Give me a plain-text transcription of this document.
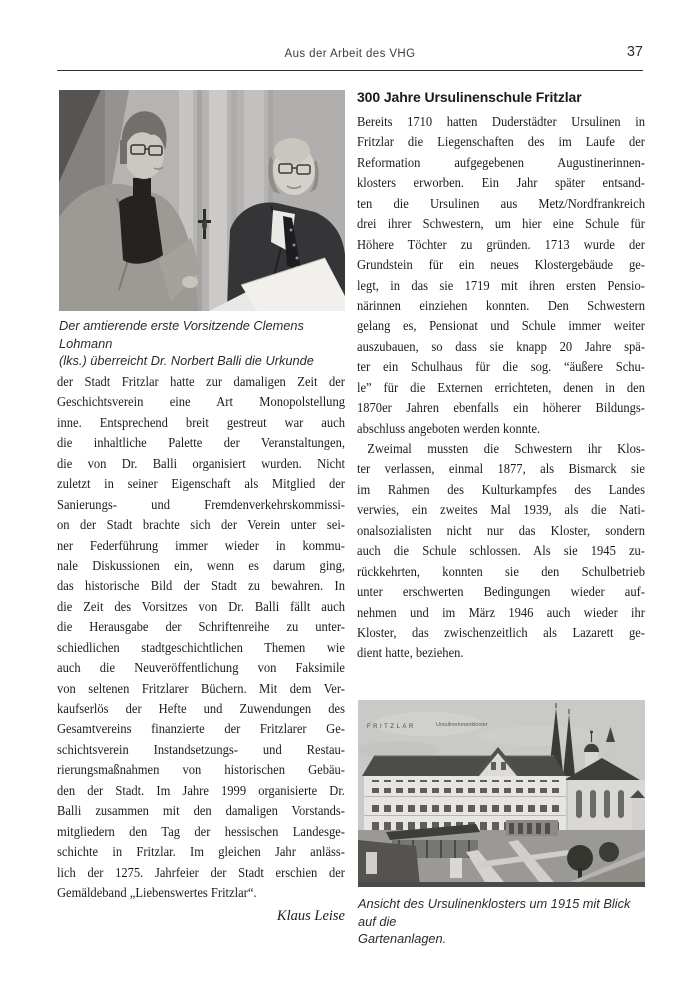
Aus der Arbeit des VHG	37
Der amtierende erste Vorsitzende Clemens Lohmann
(lks.) überreicht Dr. Norbert Balli die Urkunde
der Stadt Fritzlar hatte zur damaligen Zeit der
Geschichtsverein eine Art Monopolstellung
inne. Entsprechend breit gestreut war auch
die inhaltliche Palette der Veranstaltungen,
die von Dr. Balli organisiert wurden. Nicht
zuletzt in seiner Eigenschaft als Mitglied der
Sanierungs- und Fremdenverkehrskommissi-
on der Stadt brachte sich der Verein unter sei-
ner Federführung immer wieder in kommu-
nale Diskussionen ein, wenn es darum ging,
das historische Bild der Stadt zu bewahren. In
die Zeit des Vorsitzes von Dr. Balli fällt auch
die Herausgabe der Schriftenreihe zu unter-
schiedlichen stadtgeschichtlichen Themen wie
auch die Neuveröffentlichung von Faksimile
von seltenen Fritzlarer Büchern. Mit dem Ver-
kaufserlös der Hefte und Zuwendungen des
Gesamtvereins finanzierte der Fritzlarer Ge-
schichtsverein Instandsetzungs- und Restau-
rierungsmaßnahmen von historischen Gebäu-
den der Stadt. Im Jahre 1999 organisierte Dr.
Balli zusammen mit den damaligen Vorstands-
mitgliedern den Tag der hessischen Landesge-
schichte in Fritzlar. Im gleichen Jahr anläss-
lich der 1275. Jahrfeier der Stadt erschien der
Gemäldeband „Liebenswertes Fritzlar“.
Klaus Leise
300 Jahre Ursulinenschule Fritzlar
Bereits 1710 hatten Duderstädter Ursulinen in
Fritzlar die Liegenschaften des im Laufe der
Reformation aufgegebenen Augustinerinnen-
klosters erworben. Ein Jahr später entsand-
ten die Ursulinen aus Metz/Nordfrankreich
drei ihrer Schwestern, um hier eine Schule für
Höhere Töchter zu gründen. 1713 wurde der
Grundstein für ein neues Klostergebäude ge-
legt, in das sie 1719 mit ihren ersten Pensio-
närinnen einziehen konnten. Den Schwestern
gelang es, Pensionat und Schule immer weiter
auszubauen, so dass sie knapp 20 Jahre spä-
ter ein Schulhaus für die sog. “äußere Schu-
le” für die Externen errichteten, denen in den
1870er Jahren ebenfalls ein höherer Bildungs-
abschluss angeboten werden konnte.
Zweimal mussten die Schwestern ihr Klos-
ter verlassen, einmal 1877, als Bismarck sie
im Rahmen des Kulturkampfes des Landes
verwies, ein zweites Mal 1939, als die Nati-
onalsozialisten nicht nur das Kloster, sondern
auch die Schule schlossen. Als sie 1945 zu-
rückkehrten, konnten sie den Schulbetrieb
unter erschwerten Bedingungen wieder auf-
nehmen und im März 1946 auch wieder ihr
Kloster, das zwischenzeitlich als Lazarett ge-
dient hatte, beziehen.
FRITZLAR	Ursulinerinnenkloster
Ansicht des Ursulinenklosters um 1915 mit Blick auf die
Gartenanlagen.
